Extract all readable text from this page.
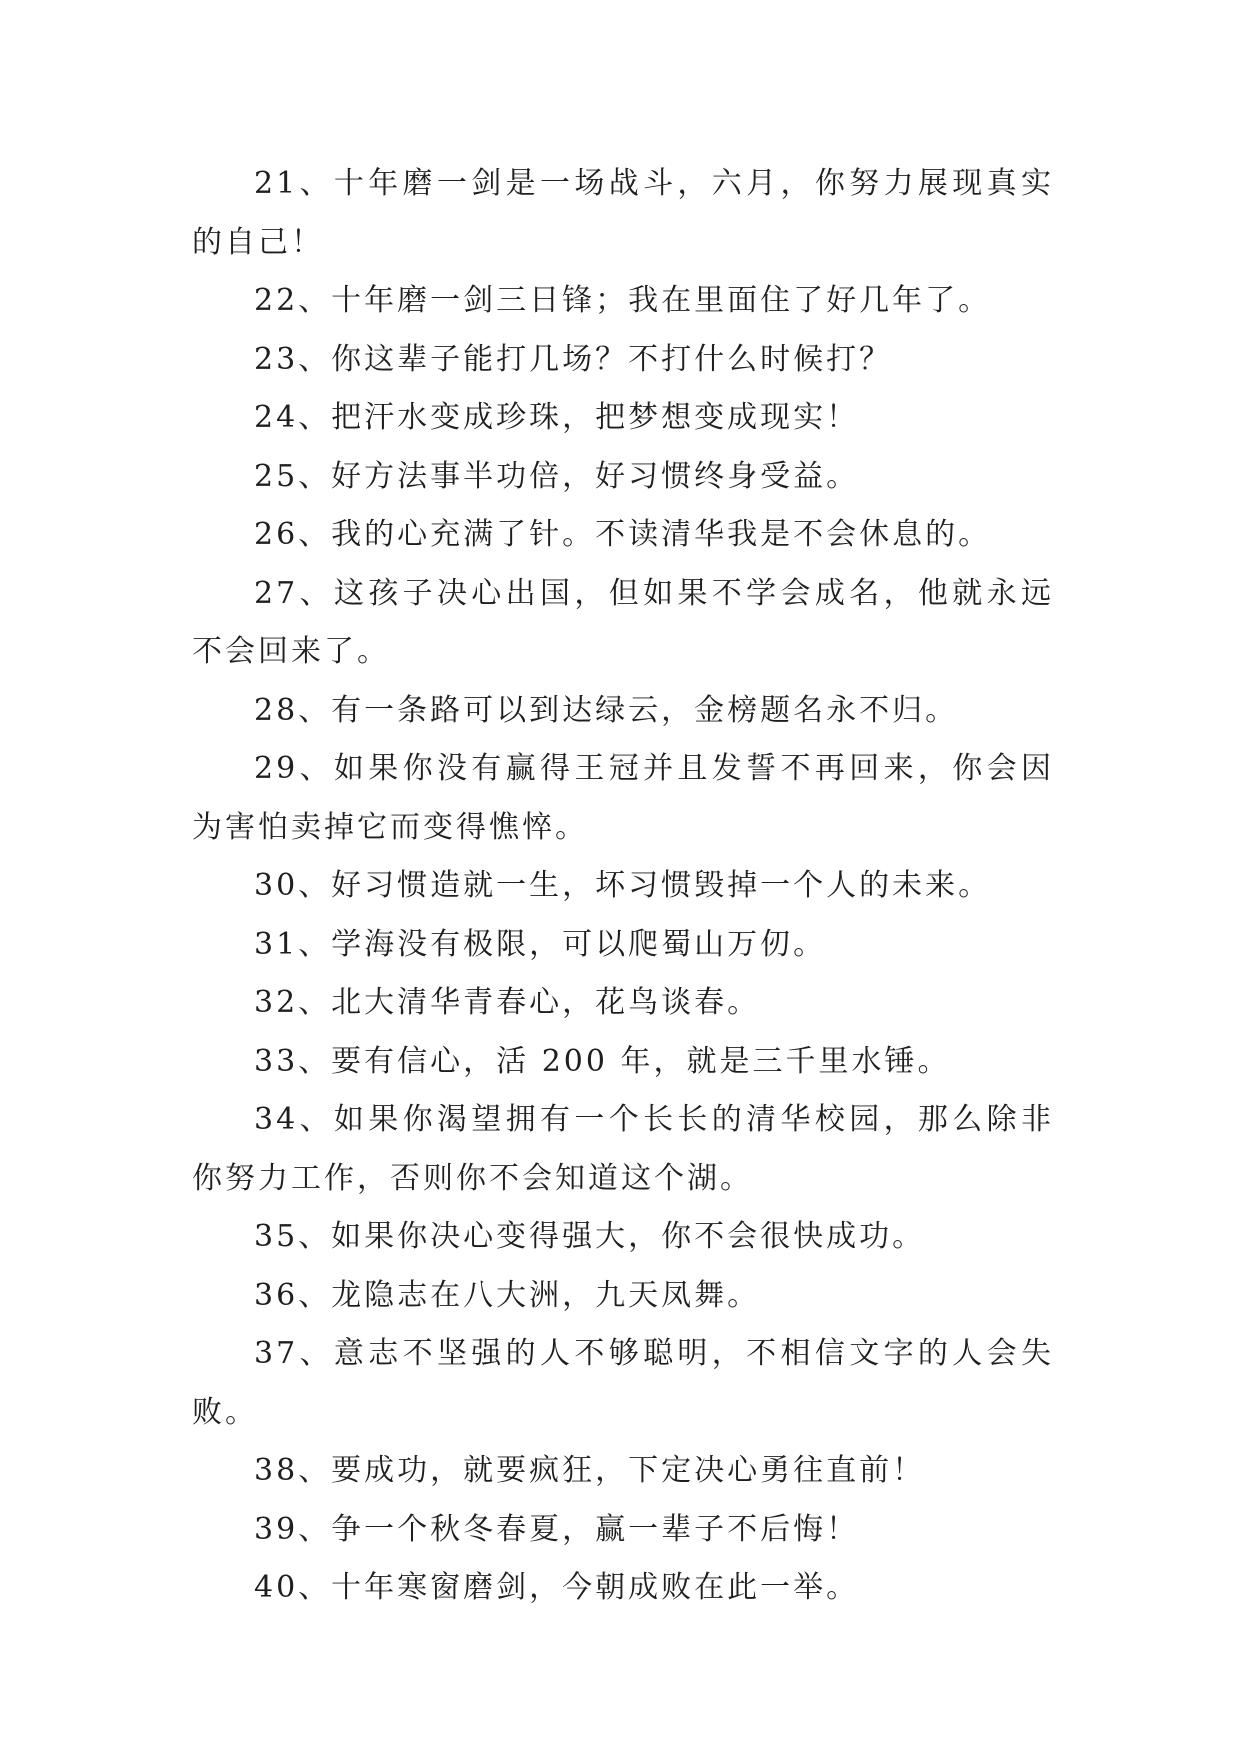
21、十年磨一剑是一场战斗，六月，你努力展现真实的自己！

22、十年磨一剑三日锋；我在里面住了好几年了。

23、你这辈子能打几场？不打什么时候打？

24、把汗水变成珍珠，把梦想变成现实！

25、好方法事半功倍，好习惯终身受益。

26、我的心充满了针。不读清华我是不会休息的。

27、这孩子决心出国，但如果不学会成名，他就永远不会回来了。

28、有一条路可以到达绿云，金榜题名永不归。

29、如果你没有赢得王冠并且发誓不再回来，你会因为害怕卖掉它而变得憔悴。

30、好习惯造就一生，坏习惯毁掉一个人的未来。

31、学海没有极限，可以爬蜀山万仞。

32、北大清华青春心，花鸟谈春。

33、要有信心，活 200 年，就是三千里水锤。

34、如果你渴望拥有一个长长的清华校园，那么除非你努力工作，否则你不会知道这个湖。

35、如果你决心变得强大，你不会很快成功。

36、龙隐志在八大洲，九天凤舞。

37、意志不坚强的人不够聪明，不相信文字的人会失败。

38、要成功，就要疯狂，下定决心勇往直前！

39、争一个秋冬春夏，赢一辈子不后悔！

40、十年寒窗磨剑，今朝成败在此一举。
